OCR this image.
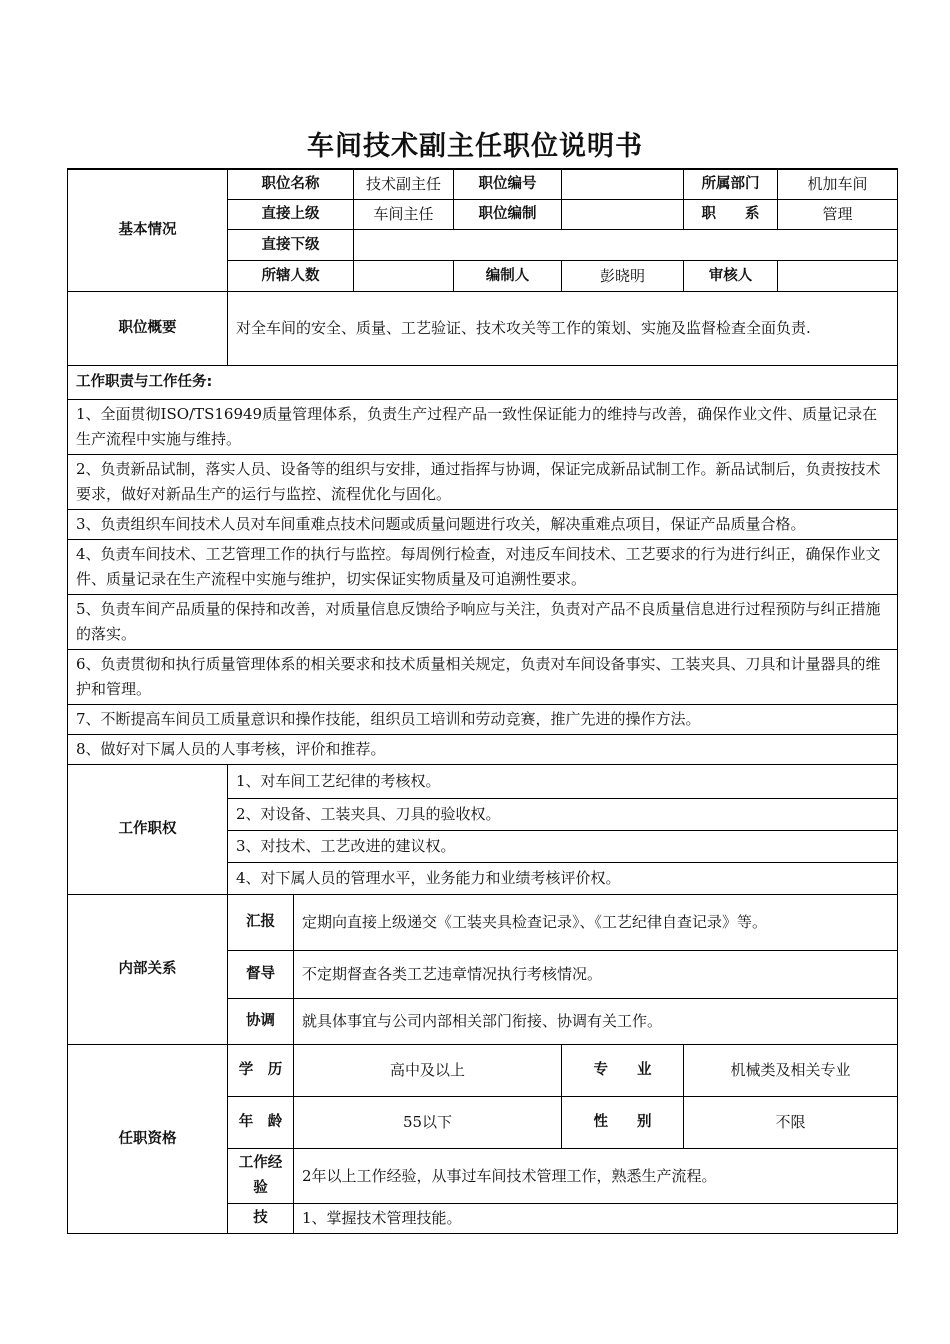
车间技术副主任职位说明书
基本情况	职位名称		技术副主任	职位编号		所属部门	机加车间
	直接上级		车间主任	职位编制		职　　系	管理
	直接下级						
	所辖人数			编制人	彭晓明	审核人	
职位概要	对全车间的安全、质量、工艺验证、技术攻关等工作的策划、实施及监督检查全面负责.						
工作职责与工作任务:							
1、全面贯彻ISO/TS16949质量管理体系，负责生产过程产品一致性保证能力的维持与改善，确保作业文件、质量记录在生产流程中实施与维持。							
2、负责新品试制，落实人员、设备等的组织与安排，通过指挥与协调，保证完成新品试制工作。新品试制后，负责按技术要求，做好对新品生产的运行与监控、流程优化与固化。							
3、负责组织车间技术人员对车间重难点技术问题或质量问题进行攻关，解决重难点项目，保证产品质量合格。							
4、负责车间技术、工艺管理工作的执行与监控。每周例行检查，对违反车间技术、工艺要求的行为进行纠正，确保作业文件、质量记录在生产流程中实施与维护，切实保证实物质量及可追溯性要求。							
5、负责车间产品质量的保持和改善，对质量信息反馈给予响应与关注，负责对产品不良质量信息进行过程预防与纠正措施的落实。							
6、负责贯彻和执行质量管理体系的相关要求和技术质量相关规定，负责对车间设备事实、工装夹具、刀具和计量器具的维护和管理。							
7、不断提高车间员工质量意识和操作技能，组织员工培训和劳动竞赛，推广先进的操作方法。							
8、做好对下属人员的人事考核，评价和推荐。							
工作职权	1、对车间工艺纪律的考核权。						
	2、对设备、工装夹具、刀具的验收权。						
	3、对技术、工艺改进的建议权。						
	4、对下属人员的管理水平，业务能力和业绩考核评价权。						
内部关系	汇报	定期向直接上级递交《工装夹具检查记录》、《工艺纪律自查记录》等。					
	督导	不定期督查各类工艺违章情况执行考核情况。					
	协调	就具体事宜与公司内部相关部门衔接、协调有关工作。					
任职资格	学　历	高中及以上			专　　业	机械类及相关专业	
	年　龄	55以下			性　　别	不限	
	工作经验	2年以上工作经验，从事过车间技术管理工作，熟悉生产流程。					
	技	1、掌握技术管理技能。					
